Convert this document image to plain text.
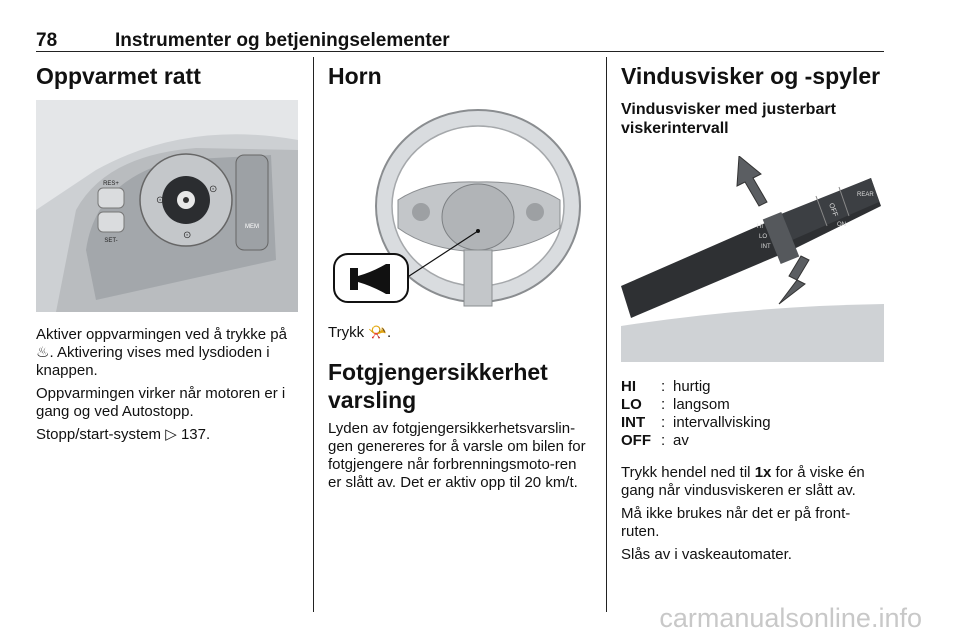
78	Instrumenter og betjeningselementer
Oppvarmet ratt
RES+
SET-
⊙
⊙
⊙
MEM

Aktiver oppvarmingen ved å trykke på ♨. Aktivering vises med lysdioden i knappen.

Oppvarmingen virker når motoren er i gang og ved Autostopp.

Stopp/start-system ▷ 137.

Horn

Trykk 📯.

Fotgjengersikkerhet varsling

Lyden av fotgjengersikkerhetsvarslin-gen genereres for å varsle om bilen for fotgjengere når forbrenningsmoto-ren er slått av. Det er aktiv opp til 20 km/t.

Vindusvisker og -spyler
Vindusvisker med justerbart viskerintervall
OFF
REAR
ON
HI
LO
INT
HI	: hurtig
LO	: langsom
INT	: intervallvisking
OFF : av

Trykk hendel ned til 1x for å viske én gang når vindusviskeren er slått av.

Må ikke brukes når det er på front-ruten.

Slås av i vaskeautomater.

carmanualsonline.info
